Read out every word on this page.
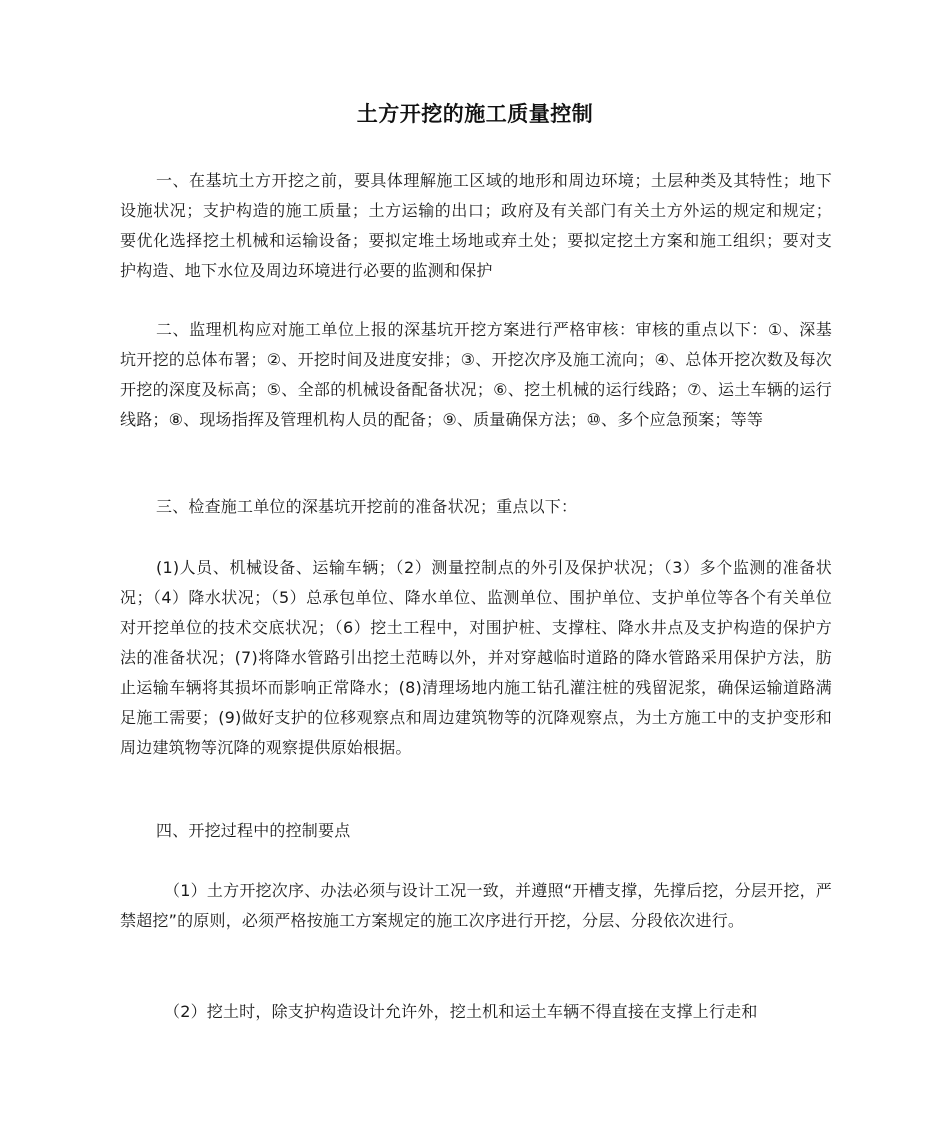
土方开挖的施工质量控制

一、在基坑土方开挖之前，要具体理解施工区域的地形和周边环境；土层种类及其特性；地下设施状况；支护构造的施工质量；土方运输的出口；政府及有关部门有关土方外运的规定和规定；要优化选择挖土机械和运输设备；要拟定堆土场地或弃土处；要拟定挖土方案和施工组织；要对支护构造、地下水位及周边环境进行必要的监测和保护

二、监理机构应对施工单位上报的深基坑开挖方案进行严格审核：审核的重点以下：①、深基坑开挖的总体布署；②、开挖时间及进度安排；③、开挖次序及施工流向；④、总体开挖次数及每次开挖的深度及标高；⑤、全部的机械设备配备状况；⑥、挖土机械的运行线路；⑦、运土车辆的运行线路；⑧、现场指挥及管理机构人员的配备；⑨、质量确保方法；⑩、多个应急预案；等等

三、检查施工单位的深基坑开挖前的准备状况；重点以下：

(1)人员、机械设备、运输车辆；（2）测量控制点的外引及保护状况；（3）多个监测的准备状况；（4）降水状况；（5）总承包单位、降水单位、监测单位、围护单位、支护单位等各个有关单位对开挖单位的技术交底状况；（6）挖土工程中，对围护桩、支撑柱、降水井点及支护构造的保护方法的准备状况；(7)将降水管路引出挖土范畴以外，并对穿越临时道路的降水管路采用保护方法，肪止运输车辆将其损坏而影响正常降水；(8)清理场地内施工钻孔灌注桩的残留泥浆，确保运输道路满足施工需要；(9)做好支护的位移观察点和周边建筑物等的沉降观察点，为土方施工中的支护变形和周边建筑物等沉降的观察提供原始根据。

四、开挖过程中的控制要点

（1）土方开挖次序、办法必须与设计工况一致，并遵照“开槽支撑，先撑后挖，分层开挖，严禁超挖”的原则，必须严格按施工方案规定的施工次序进行开挖，分层、分段依次进行。

（2）挖土时，除支护构造设计允许外，挖土机和运土车辆不得直接在支撑上行走和
